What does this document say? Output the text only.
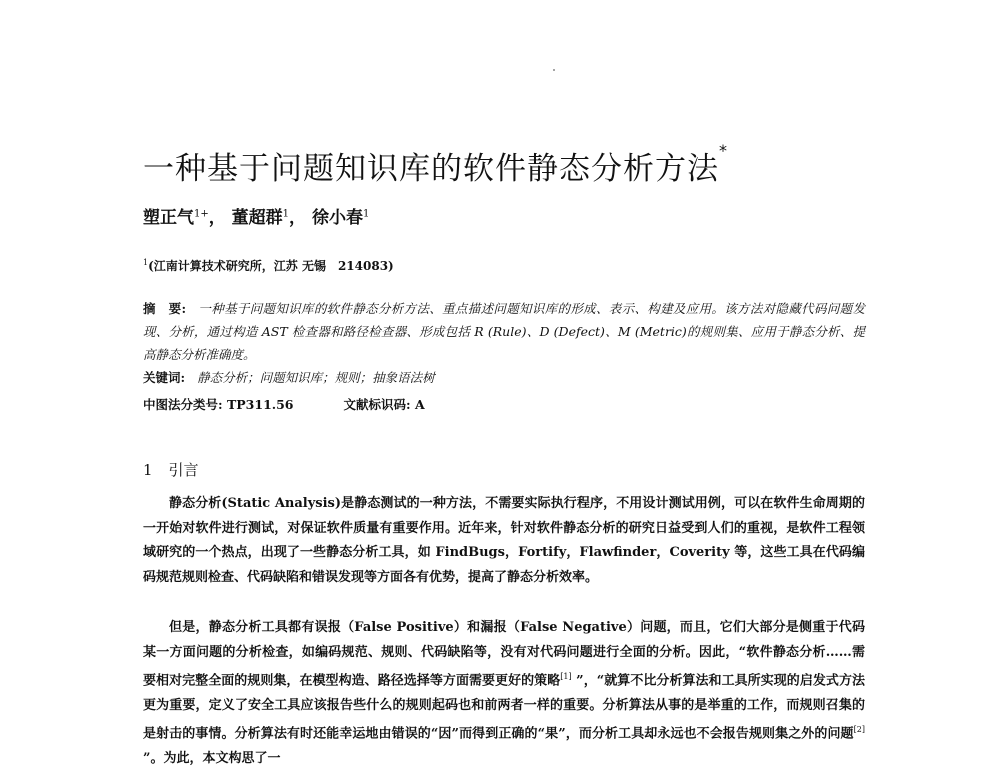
一种基于问题知识库的软件静态分析方法*
塑正气$^{1+}$， 董超群$^1$， 徐小春$^1$
$^1$(江南计算技术研究所，江苏 无锡　214083)
摘　要: 一种基于问题知识库的软件静态分析方法、重点描述问题知识库的形成、表示、构建及应用。该方法对隐藏代码问题发现、分析，通过构造 AST 检查器和路径检查器、形成包括 R (Rule)、D (Defect)、M (Metric)的规则集、应用于静态分析、提高静态分析准确度。
关键词: 静态分析；问题知识库；规则；抽象语法树
中图法分类号: TP311.56	文献标识码: A
1 引言
静态分析(Static Analysis)是静态测试的一种方法，不需要实际执行程序，不用设计测试用例，可以在软件生命周期的一开始对软件进行测试，对保证软件质量有重要作用。近年来，针对软件静态分析的研究日益受到人们的重视，是软件工程领域研究的一个热点，出现了一些静态分析工具，如 FindBugs，Fortify，Flawfinder，Coverity 等，这些工具在代码编码规范规则检查、代码缺陷和错误发现等方面各有优势，提高了静态分析效率。
但是，静态分析工具都有误报（False Positive）和漏报（False Negative）问题，而且，它们大部分是侧重于代码某一方面问题的分析检查，如编码规范、规则、代码缺陷等，没有对代码问题进行全面的分析。因此，“软件静态分析……需要相对完整全面的规则集，在模型构造、路径选择等方面需要更好的策略[1] ”，“就算不比分析算法和工具所实现的启发式方法更为重要，定义了安全工具应该报告些什么的规则起码也和前两者一样的重要。分析算法从事的是举重的工作，而规则召集的是射击的事情。分析算法有时还能幸运地由错误的“因”而得到正确的“果”，而分析工具却永远也不会报告规则集之外的问题[2] ”。为此，本文构思了一
